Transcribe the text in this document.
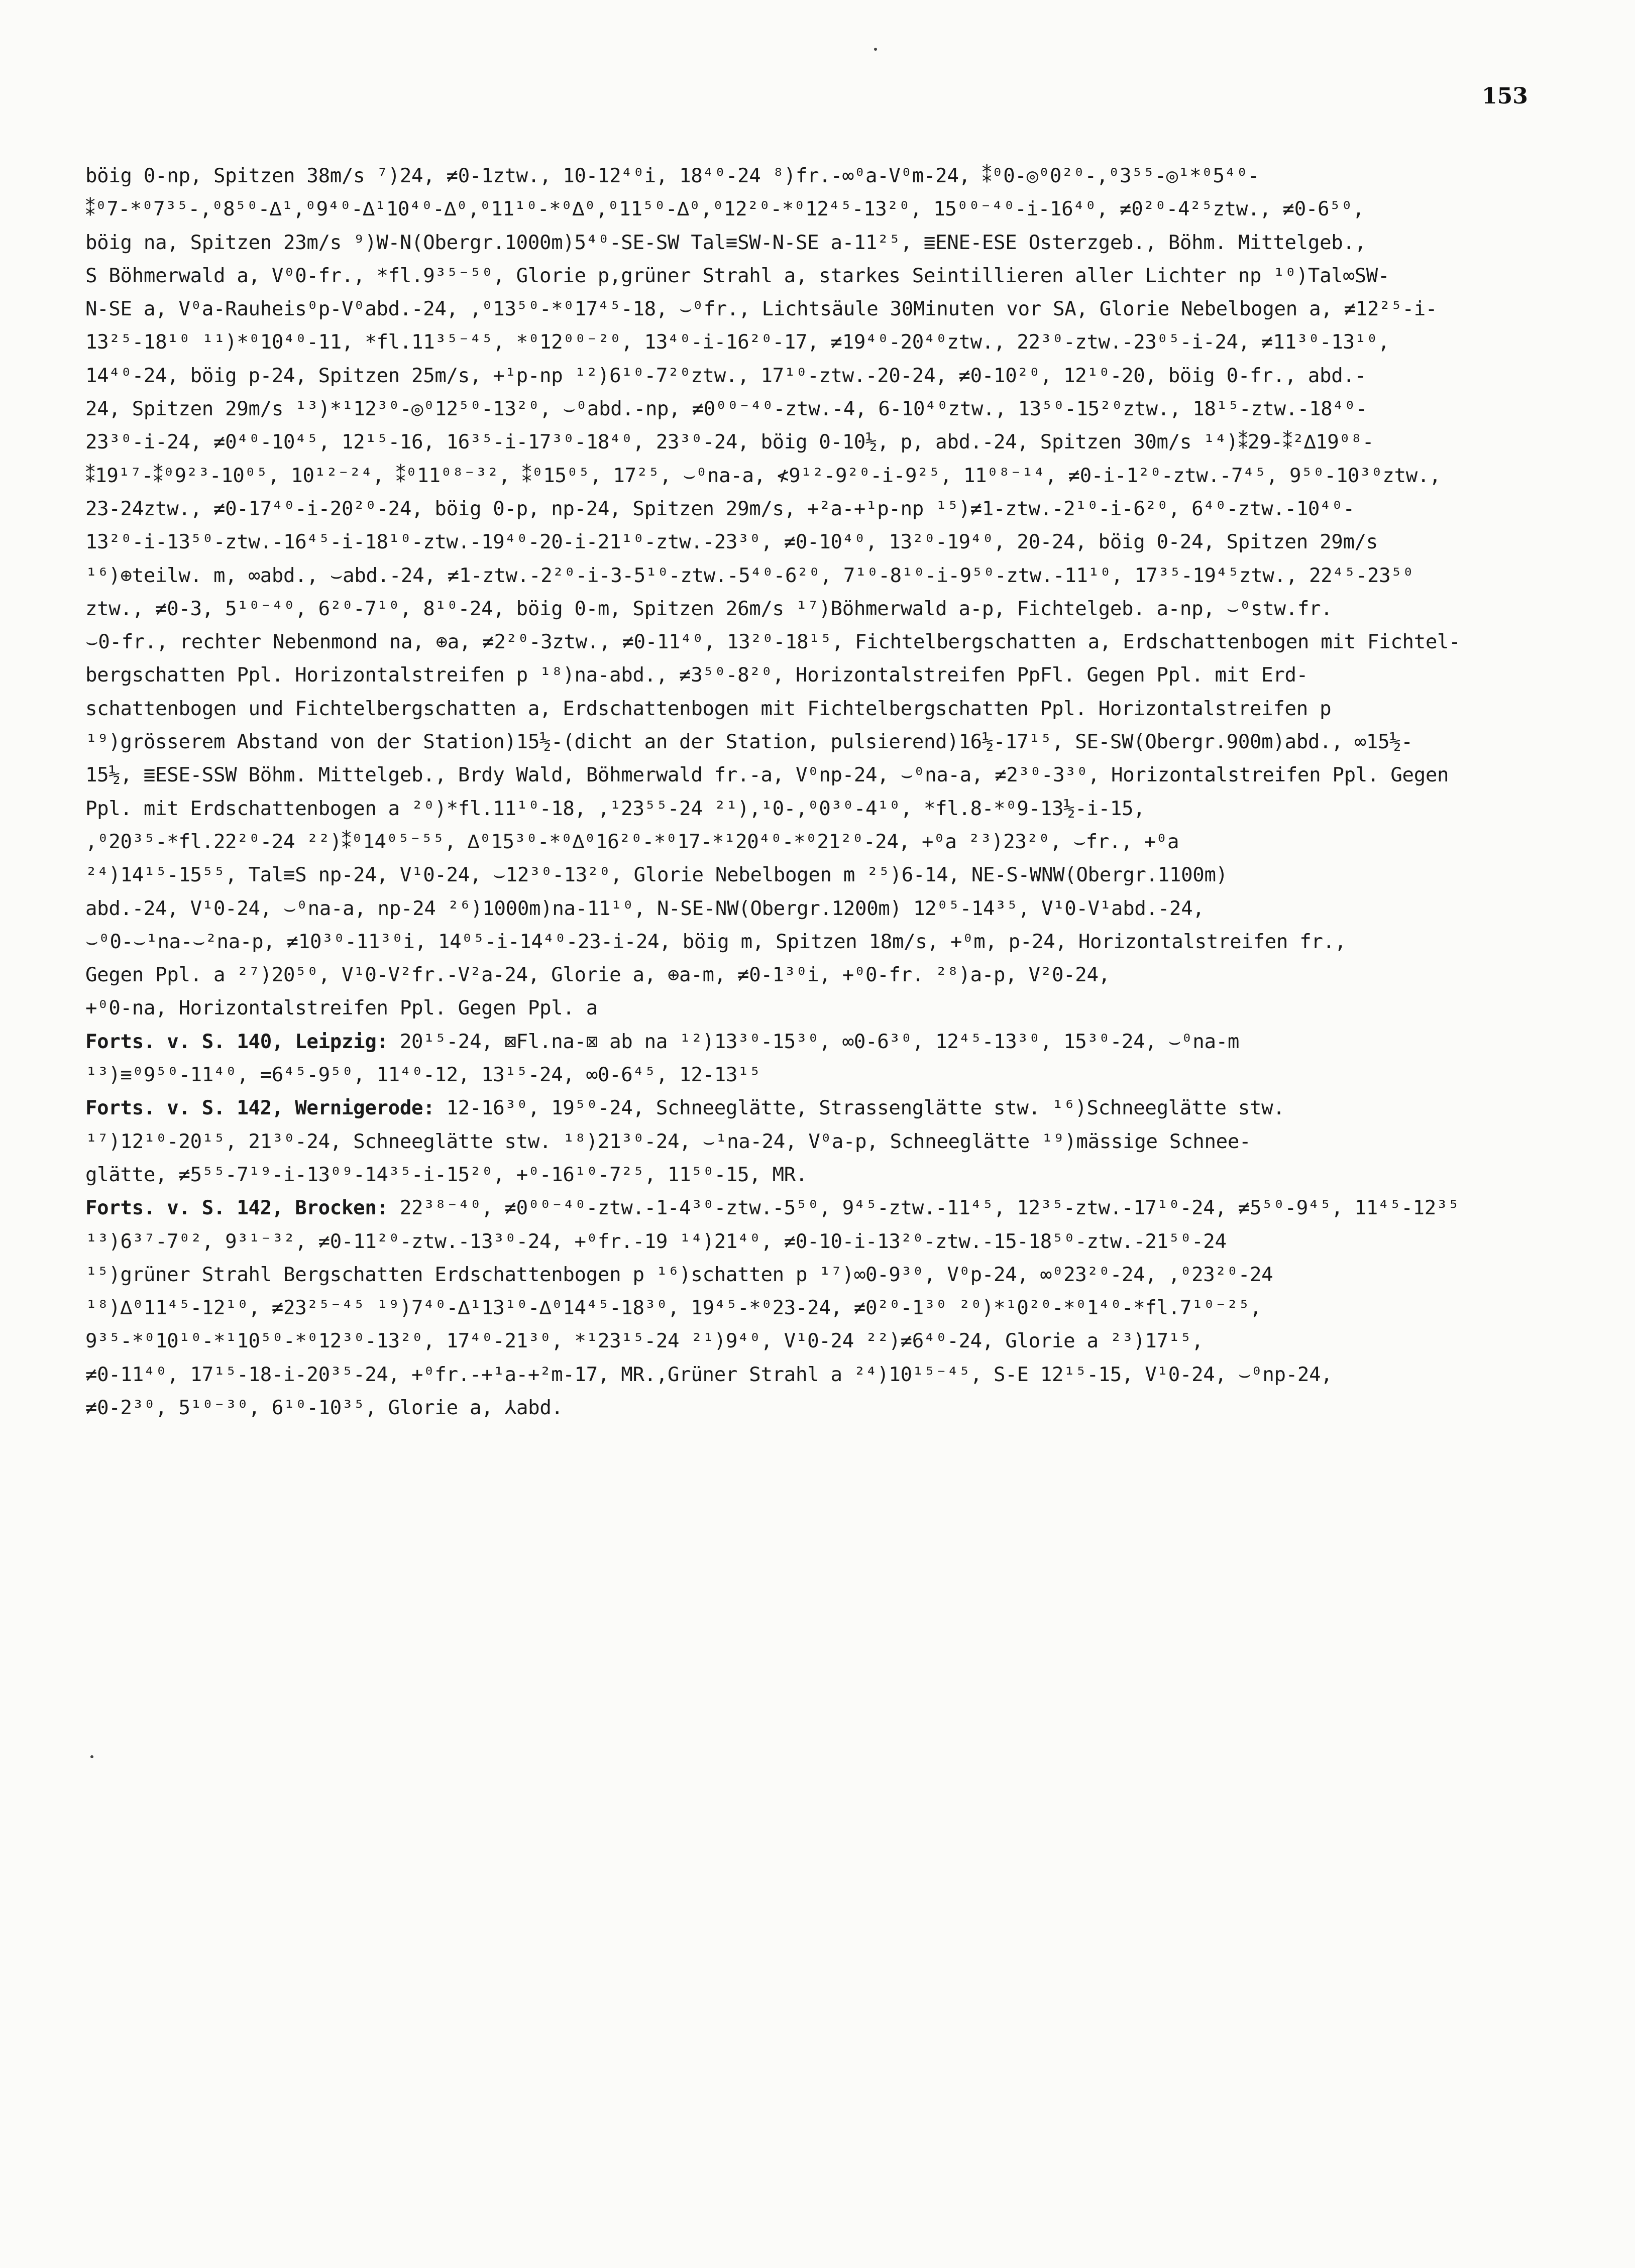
153
böig 0-np, Spitzen 38m/s ⁷)24, ≠0-1ztw., 10-12⁴⁰i, 18⁴⁰-24 ⁸)fr.-∞⁰a-V⁰m-24, ⁑⁰0-◎⁰0²⁰-,⁰3⁵⁵-◎¹*⁰5⁴⁰-
⁑⁰7-*⁰7³⁵-,⁰8⁵⁰-∆¹,⁰9⁴⁰-∆¹10⁴⁰-∆⁰,⁰11¹⁰-*⁰∆⁰,⁰11⁵⁰-∆⁰,⁰12²⁰-*⁰12⁴⁵-13²⁰, 15⁰⁰⁻⁴⁰-i-16⁴⁰, ≠0²⁰-4²⁵ztw., ≠0-6⁵⁰,
böig na, Spitzen 23m/s ⁹)W-N(Obergr.1000m)5⁴⁰-SE-SW Tal≡SW-N-SE a-11²⁵, ≣ENE-ESE Osterzgeb., Böhm. Mittelgeb.,
S Böhmerwald a, V⁰0-fr., *fl.9³⁵⁻⁵⁰, Glorie p,grüner Strahl a, starkes Seintillieren aller Lichter np ¹⁰)Tal∞SW-
N-SE a, V⁰a-Rauheis⁰p-V⁰abd.-24, ,⁰13⁵⁰-*⁰17⁴⁵-18, ⌣⁰fr., Lichtsäule 30Minuten vor SA, Glorie Nebelbogen a, ≠12²⁵-i-
13²⁵-18¹⁰ ¹¹)*⁰10⁴⁰-11, *fl.11³⁵⁻⁴⁵, *⁰12⁰⁰⁻²⁰, 13⁴⁰-i-16²⁰-17, ≠19⁴⁰-20⁴⁰ztw., 22³⁰-ztw.-23⁰⁵-i-24, ≠11³⁰-13¹⁰,
14⁴⁰-24, böig p-24, Spitzen 25m/s, +¹p-np ¹²)6¹⁰-7²⁰ztw., 17¹⁰-ztw.-20-24, ≠0-10²⁰, 12¹⁰-20, böig 0-fr., abd.-
24, Spitzen 29m/s ¹³)*¹12³⁰-◎⁰12⁵⁰-13²⁰, ⌣⁰abd.-np, ≠0⁰⁰⁻⁴⁰-ztw.-4, 6-10⁴⁰ztw., 13⁵⁰-15²⁰ztw., 18¹⁵-ztw.-18⁴⁰-
23³⁰-i-24, ≠0⁴⁰-10⁴⁵, 12¹⁵-16, 16³⁵-i-17³⁰-18⁴⁰, 23³⁰-24, böig 0-10½, p, abd.-24, Spitzen 30m/s ¹⁴)⁑29-⁑²∆19⁰⁸-
⁑19¹⁷-⁑⁰9²³-10⁰⁵, 10¹²⁻²⁴, ⁑⁰11⁰⁸⁻³², ⁑⁰15⁰⁵, 17²⁵, ⌣⁰na-a, ≮9¹²-9²⁰-i-9²⁵, 11⁰⁸⁻¹⁴, ≠0-i-1²⁰-ztw.-7⁴⁵, 9⁵⁰-10³⁰ztw.,
23-24ztw., ≠0-17⁴⁰-i-20²⁰-24, böig 0-p, np-24, Spitzen 29m/s, +²a-+¹p-np ¹⁵)≠1-ztw.-2¹⁰-i-6²⁰, 6⁴⁰-ztw.-10⁴⁰-
13²⁰-i-13⁵⁰-ztw.-16⁴⁵-i-18¹⁰-ztw.-19⁴⁰-20-i-21¹⁰-ztw.-23³⁰, ≠0-10⁴⁰, 13²⁰-19⁴⁰, 20-24, böig 0-24, Spitzen 29m/s
¹⁶)⊕teilw. m, ∞abd., ⌣abd.-24, ≠1-ztw.-2²⁰-i-3-5¹⁰-ztw.-5⁴⁰-6²⁰, 7¹⁰-8¹⁰-i-9⁵⁰-ztw.-11¹⁰, 17³⁵-19⁴⁵ztw., 22⁴⁵-23⁵⁰
ztw., ≠0-3, 5¹⁰⁻⁴⁰, 6²⁰-7¹⁰, 8¹⁰-24, böig 0-m, Spitzen 26m/s ¹⁷)Böhmerwald a-p, Fichtelgeb. a-np, ⌣⁰stw.fr.
⌣0-fr., rechter Nebenmond na, ⊕a, ≠2²⁰-3ztw., ≠0-11⁴⁰, 13²⁰-18¹⁵, Fichtelbergschatten a, Erdschattenbogen mit Fichtel-
bergschatten Ppl. Horizontalstreifen p ¹⁸)na-abd., ≠3⁵⁰-8²⁰, Horizontalstreifen PpFl. Gegen Ppl. mit Erd-
schattenbogen und Fichtelbergschatten a, Erdschattenbogen mit Fichtelbergschatten Ppl. Horizontalstreifen p
¹⁹)grösserem Abstand von der Station)15½-(dicht an der Station, pulsierend)16½-17¹⁵, SE-SW(Obergr.900m)abd., ∞15½-
15½, ≣ESE-SSW Böhm. Mittelgeb., Brdy Wald, Böhmerwald fr.-a, V⁰np-24, ⌣⁰na-a, ≠2³⁰-3³⁰, Horizontalstreifen Ppl. Gegen
Ppl. mit Erdschattenbogen a ²⁰)*fl.11¹⁰-18, ,¹23⁵⁵-24 ²¹),¹0-,⁰0³⁰-4¹⁰, *fl.8-*⁰9-13½-i-15,
,⁰20³⁵-*fl.22²⁰-24 ²²)⁑⁰14⁰⁵⁻⁵⁵, ∆⁰15³⁰-*⁰∆⁰16²⁰-*⁰17-*¹20⁴⁰-*⁰21²⁰-24, +⁰a ²³)23²⁰, ⌣fr., +⁰a
²⁴)14¹⁵-15⁵⁵, Tal≡S np-24, V¹0-24, ⌣12³⁰-13²⁰, Glorie Nebelbogen m ²⁵)6-14, NE-S-WNW(Obergr.1100m)
abd.-24, V¹0-24, ⌣⁰na-a, np-24 ²⁶)1000m)na-11¹⁰, N-SE-NW(Obergr.1200m) 12⁰⁵-14³⁵, V¹0-V¹abd.-24,
⌣⁰0-⌣¹na-⌣²na-p, ≠10³⁰-11³⁰i, 14⁰⁵-i-14⁴⁰-23-i-24, böig m, Spitzen 18m/s, +⁰m, p-24, Horizontalstreifen fr.,
Gegen Ppl. a ²⁷)20⁵⁰, V¹0-V²fr.-V²a-24, Glorie a, ⊕a-m, ≠0-1³⁰i, +⁰0-fr. ²⁸)a-p, V²0-24,
+⁰0-na, Horizontalstreifen Ppl. Gegen Ppl. a
Forts. v. S. 140, Leipzig: 20¹⁵-24, ⊠Fl.na-⊠ ab na ¹²)13³⁰-15³⁰, ∞0-6³⁰, 12⁴⁵-13³⁰, 15³⁰-24, ⌣⁰na-m
¹³)≡⁰9⁵⁰-11⁴⁰, =6⁴⁵-9⁵⁰, 11⁴⁰-12, 13¹⁵-24, ∞0-6⁴⁵, 12-13¹⁵
Forts. v. S. 142, Wernigerode: 12-16³⁰, 19⁵⁰-24, Schneeglätte, Strassenglätte stw. ¹⁶)Schneeglätte stw.
¹⁷)12¹⁰-20¹⁵, 21³⁰-24, Schneeglätte stw. ¹⁸)21³⁰-24, ⌣¹na-24, V⁰a-p, Schneeglätte ¹⁹)mässige Schnee-
glätte, ≠5⁵⁵-7¹⁹-i-13⁰⁹-14³⁵-i-15²⁰, +⁰-16¹⁰-7²⁵, 11⁵⁰-15, MR.
Forts. v. S. 142, Brocken: 22³⁸⁻⁴⁰, ≠0⁰⁰⁻⁴⁰-ztw.-1-4³⁰-ztw.-5⁵⁰, 9⁴⁵-ztw.-11⁴⁵, 12³⁵-ztw.-17¹⁰-24, ≠5⁵⁰-9⁴⁵, 11⁴⁵-12³⁵
¹³)6³⁷-7⁰², 9³¹⁻³², ≠0-11²⁰-ztw.-13³⁰-24, +⁰fr.-19 ¹⁴)21⁴⁰, ≠0-10-i-13²⁰-ztw.-15-18⁵⁰-ztw.-21⁵⁰-24
¹⁵)grüner Strahl Bergschatten Erdschattenbogen p ¹⁶)schatten p ¹⁷)∞0-9³⁰, V⁰p-24, ∞⁰23²⁰-24, ,⁰23²⁰-24
¹⁸)∆⁰11⁴⁵-12¹⁰, ≠23²⁵⁻⁴⁵ ¹⁹)7⁴⁰-∆¹13¹⁰-∆⁰14⁴⁵-18³⁰, 19⁴⁵-*⁰23-24, ≠0²⁰-1³⁰ ²⁰)*¹0²⁰-*⁰1⁴⁰-*fl.7¹⁰⁻²⁵,
9³⁵-*⁰10¹⁰-*¹10⁵⁰-*⁰12³⁰-13²⁰, 17⁴⁰-21³⁰, *¹23¹⁵-24 ²¹)9⁴⁰, V¹0-24 ²²)≠6⁴⁰-24, Glorie a ²³)17¹⁵,
≠0-11⁴⁰, 17¹⁵-18-i-20³⁵-24, +⁰fr.-+¹a-+²m-17, MR.,Grüner Strahl a ²⁴)10¹⁵⁻⁴⁵, S-E 12¹⁵-15, V¹0-24, ⌣⁰np-24,
≠0-2³⁰, 5¹⁰⁻³⁰, 6¹⁰-10³⁵, Glorie a, ⅄abd.
